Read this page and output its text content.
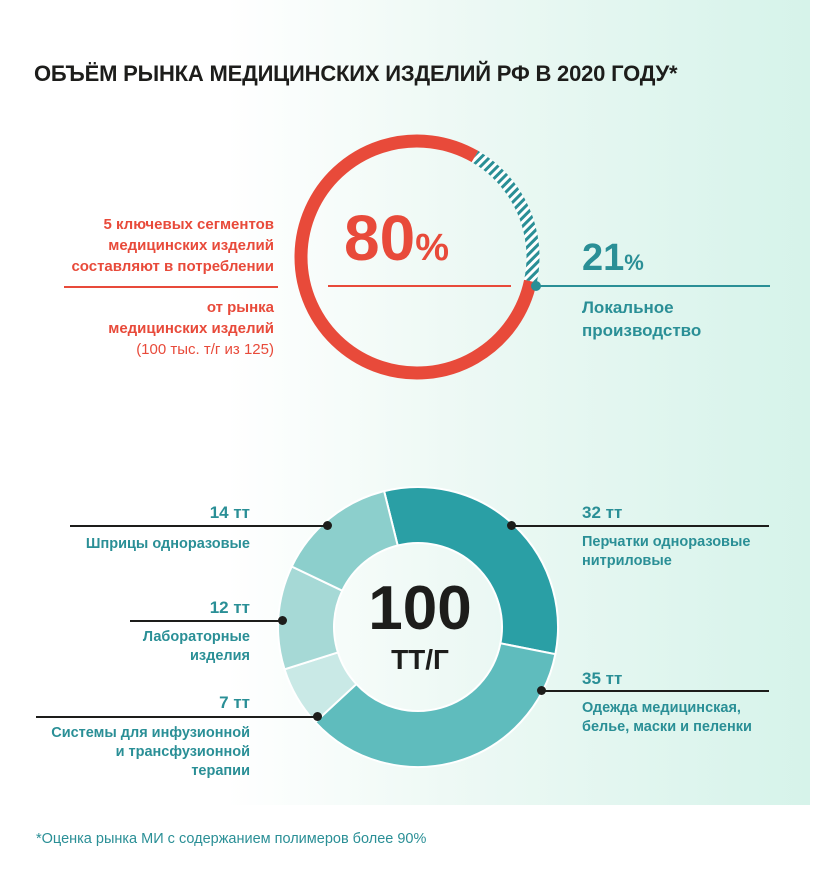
ОБЪЁМ РЫНКА МЕДИЦИНСКИХ ИЗДЕЛИЙ РФ В 2020 ГОДУ*
5 ключевых сегментов
медицинских изделий
составляют в потреблении
от рынка
медицинских изделий
(100 тыс. т/г из 125)
80%	21%
Локальное
производство
100
ТТ/Г
32 тт
Перчатки одноразовые
нитриловые
35 тт
Одежда медицинская,
белье, маски и пеленки
7 тт
Системы для инфузионной
и трансфузионной
терапии
12 тт
Лабораторные
изделия
14 тт
Шприцы одноразовые
*Оценка рынка МИ с содержанием полимеров более 90%
